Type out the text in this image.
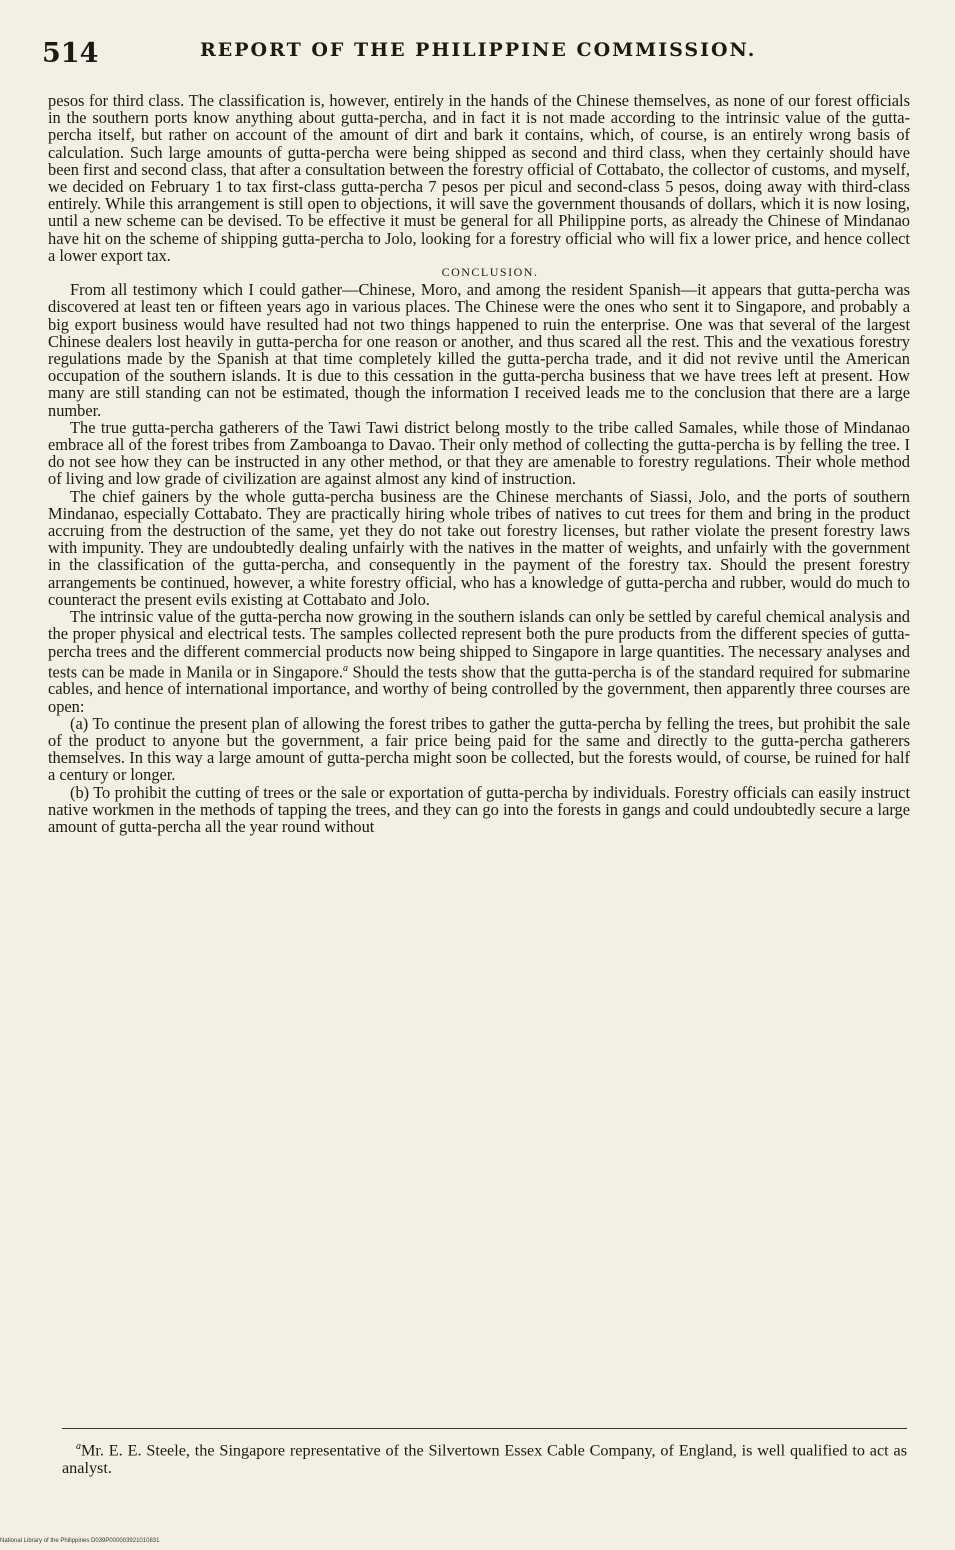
514	REPORT OF THE PHILIPPINE COMMISSION.

pesos for third class. The classification is, however, entirely in the hands of the Chinese themselves, as none of our forest officials in the southern ports know anything about gutta-percha, and in fact it is not made according to the intrinsic value of the gutta-percha itself, but rather on account of the amount of dirt and bark it contains, which, of course, is an entirely wrong basis of calculation. Such large amounts of gutta-percha were being shipped as second and third class, when they certainly should have been first and second class, that after a consultation between the forestry official of Cottabato, the collector of customs, and myself, we decided on February 1 to tax first-class gutta-percha 7 pesos per picul and second-class 5 pesos, doing away with third-class entirely. While this arrangement is still open to objections, it will save the government thousands of dollars, which it is now losing, until a new scheme can be devised. To be effective it must be general for all Philippine ports, as already the Chinese of Mindanao have hit on the scheme of shipping gutta-percha to Jolo, looking for a forestry official who will fix a lower price, and hence collect a lower export tax.

CONCLUSION.

From all testimony which I could gather—Chinese, Moro, and among the resident Spanish—it appears that gutta-percha was discovered at least ten or fifteen years ago in various places. The Chinese were the ones who sent it to Singapore, and probably a big export business would have resulted had not two things happened to ruin the enterprise. One was that several of the largest Chinese dealers lost heavily in gutta-percha for one reason or another, and thus scared all the rest. This and the vexatious forestry regulations made by the Spanish at that time completely killed the gutta-percha trade, and it did not revive until the American occupation of the southern islands. It is due to this cessation in the gutta-percha business that we have trees left at present. How many are still standing can not be estimated, though the information I received leads me to the conclusion that there are a large number.

The true gutta-percha gatherers of the Tawi Tawi district belong mostly to the tribe called Samales, while those of Mindanao embrace all of the forest tribes from Zamboanga to Davao. Their only method of collecting the gutta-percha is by felling the tree. I do not see how they can be instructed in any other method, or that they are amenable to forestry regulations. Their whole method of living and low grade of civilization are against almost any kind of instruction.

The chief gainers by the whole gutta-percha business are the Chinese merchants of Siassi, Jolo, and the ports of southern Mindanao, especially Cottabato. They are practically hiring whole tribes of natives to cut trees for them and bring in the product accruing from the destruction of the same, yet they do not take out forestry licenses, but rather violate the present forestry laws with impunity. They are undoubtedly dealing unfairly with the natives in the matter of weights, and unfairly with the government in the classification of the gutta-percha, and consequently in the payment of the forestry tax. Should the present forestry arrangements be continued, however, a white forestry official, who has a knowledge of gutta-percha and rubber, would do much to counteract the present evils existing at Cottabato and Jolo.

The intrinsic value of the gutta-percha now growing in the southern islands can only be settled by careful chemical analysis and the proper physical and electrical tests. The samples collected represent both the pure products from the different species of gutta-percha trees and the different commercial products now being shipped to Singapore in large quantities. The necessary analyses and tests can be made in Manila or in Singapore.$^a$ Should the tests show that the gutta-percha is of the standard required for submarine cables, and hence of international importance, and worthy of being controlled by the government, then apparently three courses are open:

(a) To continue the present plan of allowing the forest tribes to gather the gutta-percha by felling the trees, but prohibit the sale of the product to anyone but the government, a fair price being paid for the same and directly to the gutta-percha gatherers themselves. In this way a large amount of gutta-percha might soon be collected, but the forests would, of course, be ruined for half a century or longer.

(b) To prohibit the cutting of trees or the sale or exportation of gutta-percha by individuals. Forestry officials can easily instruct native workmen in the methods of tapping the trees, and they can go into the forests in gangs and could undoubtedly secure a large amount of gutta-percha all the year round without

$^a$Mr. E. E. Steele, the Singapore representative of the Silvertown Essex Cable Company, of England, is well qualified to act as analyst.
National Library of the Philippines D039P000003921010831
